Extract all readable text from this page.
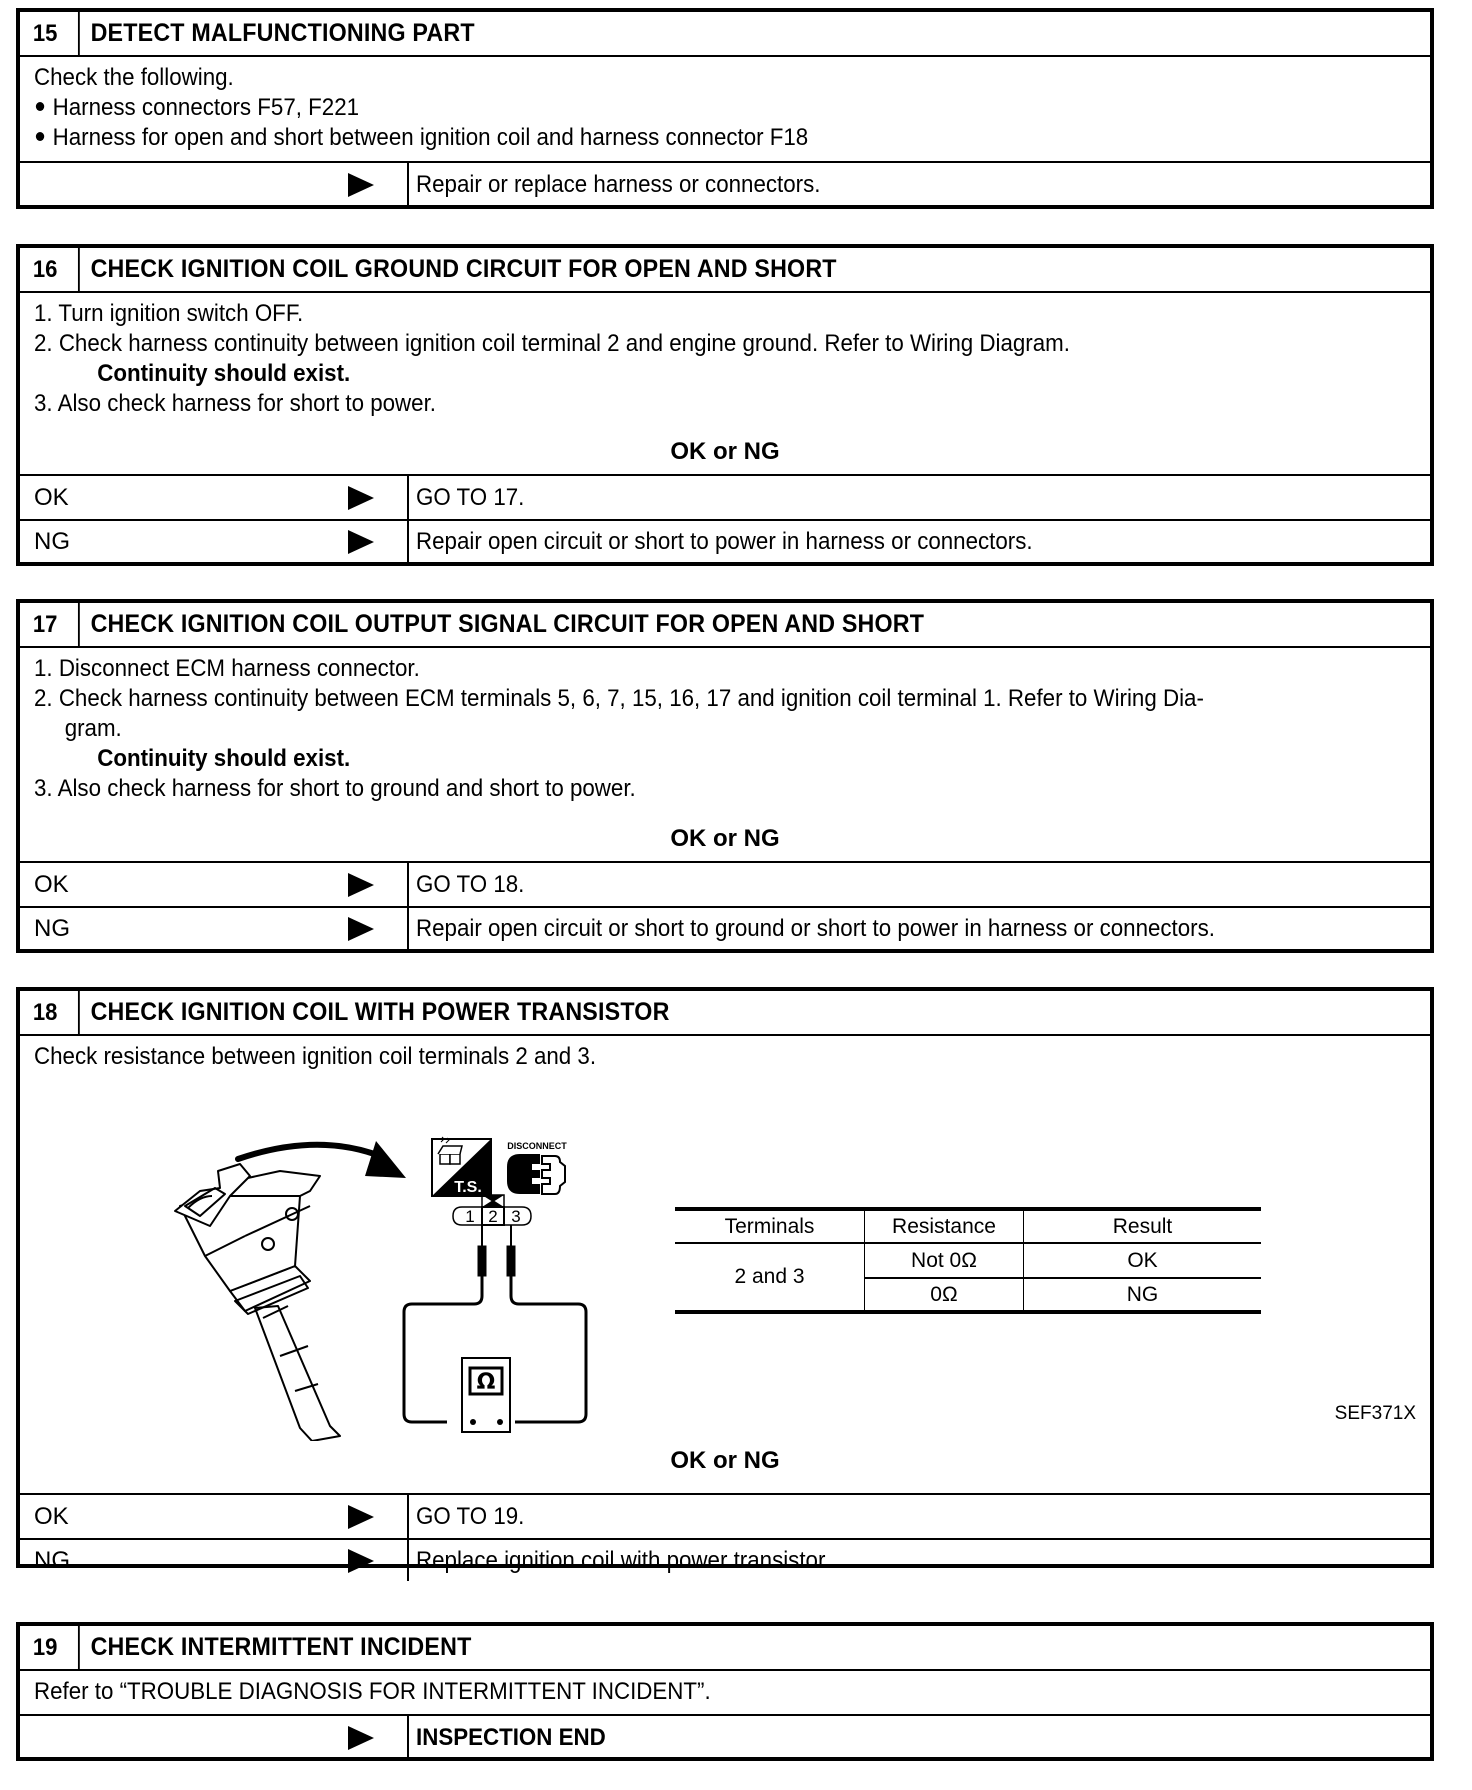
15	DETECT MALFUNCTIONING PART
Check the following.
Harness connectors F57, F221
Harness for open and short between ignition coil and harness connector F18
Repair or replace harness or connectors.
16	CHECK IGNITION COIL GROUND CIRCUIT FOR OPEN AND SHORT
1. Turn ignition switch OFF.
2. Check harness continuity between ignition coil terminal 2 and engine ground. Refer to Wiring Diagram.
Continuity should exist.
3. Also check harness for short to power.
OK or NG
OK	GO TO 17.
NG	Repair open circuit or short to power in harness or connectors.
17	CHECK IGNITION COIL OUTPUT SIGNAL CIRCUIT FOR OPEN AND SHORT
1. Disconnect ECM harness connector.
2. Check harness continuity between ECM terminals 5, 6, 7, 15, 16, 17 and ignition coil terminal 1. Refer to Wiring Dia-
gram.
Continuity should exist.
3. Also check harness for short to ground and short to power.
OK or NG
OK	GO TO 18.
NG	Repair open circuit or short to ground or short to power in harness or connectors.
18	CHECK IGNITION COIL WITH POWER TRANSISTOR
Check resistance between ignition coil terminals 2 and 3.
T.S.
DISCONNECT
1 2 3
Ω
Terminals	Resistance	Result
2 and 3	Not 0Ω	OK
	0Ω	NG
SEF371X
OK or NG
OK	GO TO 19.
NG	Replace ignition coil with power transistor.
19	CHECK INTERMITTENT INCIDENT
Refer to “TROUBLE DIAGNOSIS FOR INTERMITTENT INCIDENT”.
INSPECTION END
